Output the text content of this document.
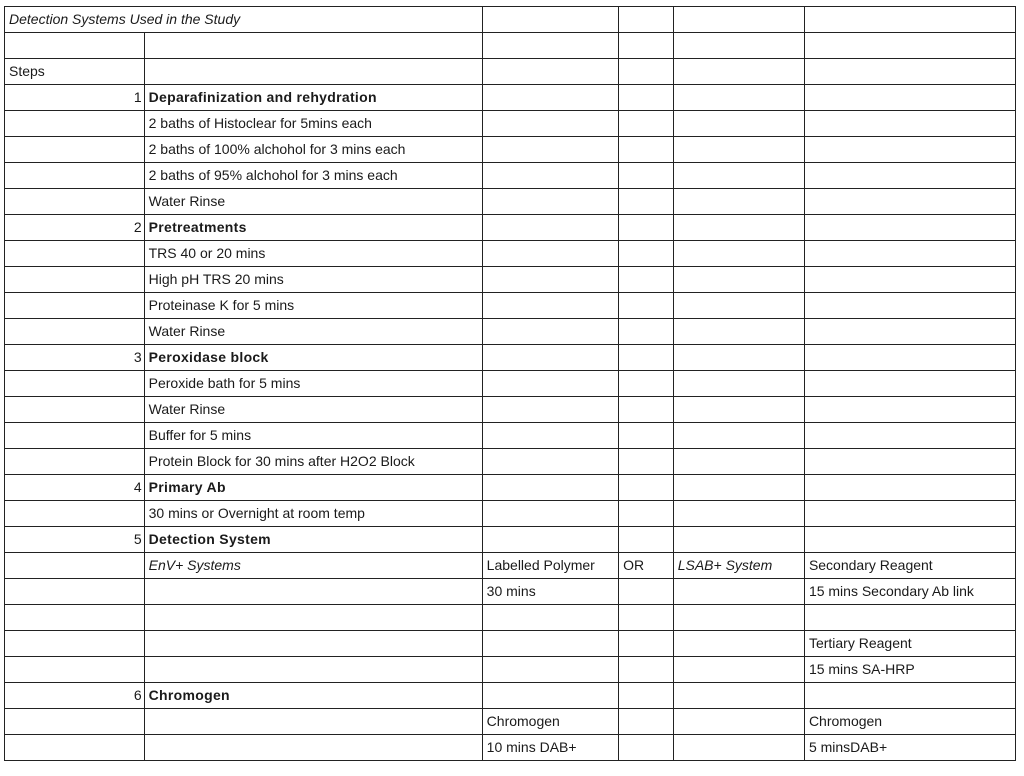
Detection Systems Used in the Study					

Steps					
1	Deparafinization and rehydration				
	2 baths of Histoclear for 5mins each				
	2 baths of 100% alchohol for 3 mins each				
	2 baths of 95% alchohol for 3 mins each				
	Water Rinse				
2	Pretreatments				
	TRS 40 or 20 mins				
	High pH TRS 20 mins				
	Proteinase K for 5 mins				
	Water Rinse				
3	Peroxidase block				
	Peroxide bath for 5 mins				
	Water Rinse				
	Buffer for 5 mins				
	Protein Block for 30 mins after H2O2 Block				
4	Primary Ab				
	30 mins or Overnight at room temp				
5	Detection System				
	EnV+ Systems	Labelled Polymer	OR	LSAB+ System	Secondary Reagent
		30 mins			15 mins Secondary Ab link

					Tertiary Reagent
					15 mins SA-HRP
6	Chromogen				
		Chromogen			Chromogen
		10 mins DAB+			5 minsDAB+
